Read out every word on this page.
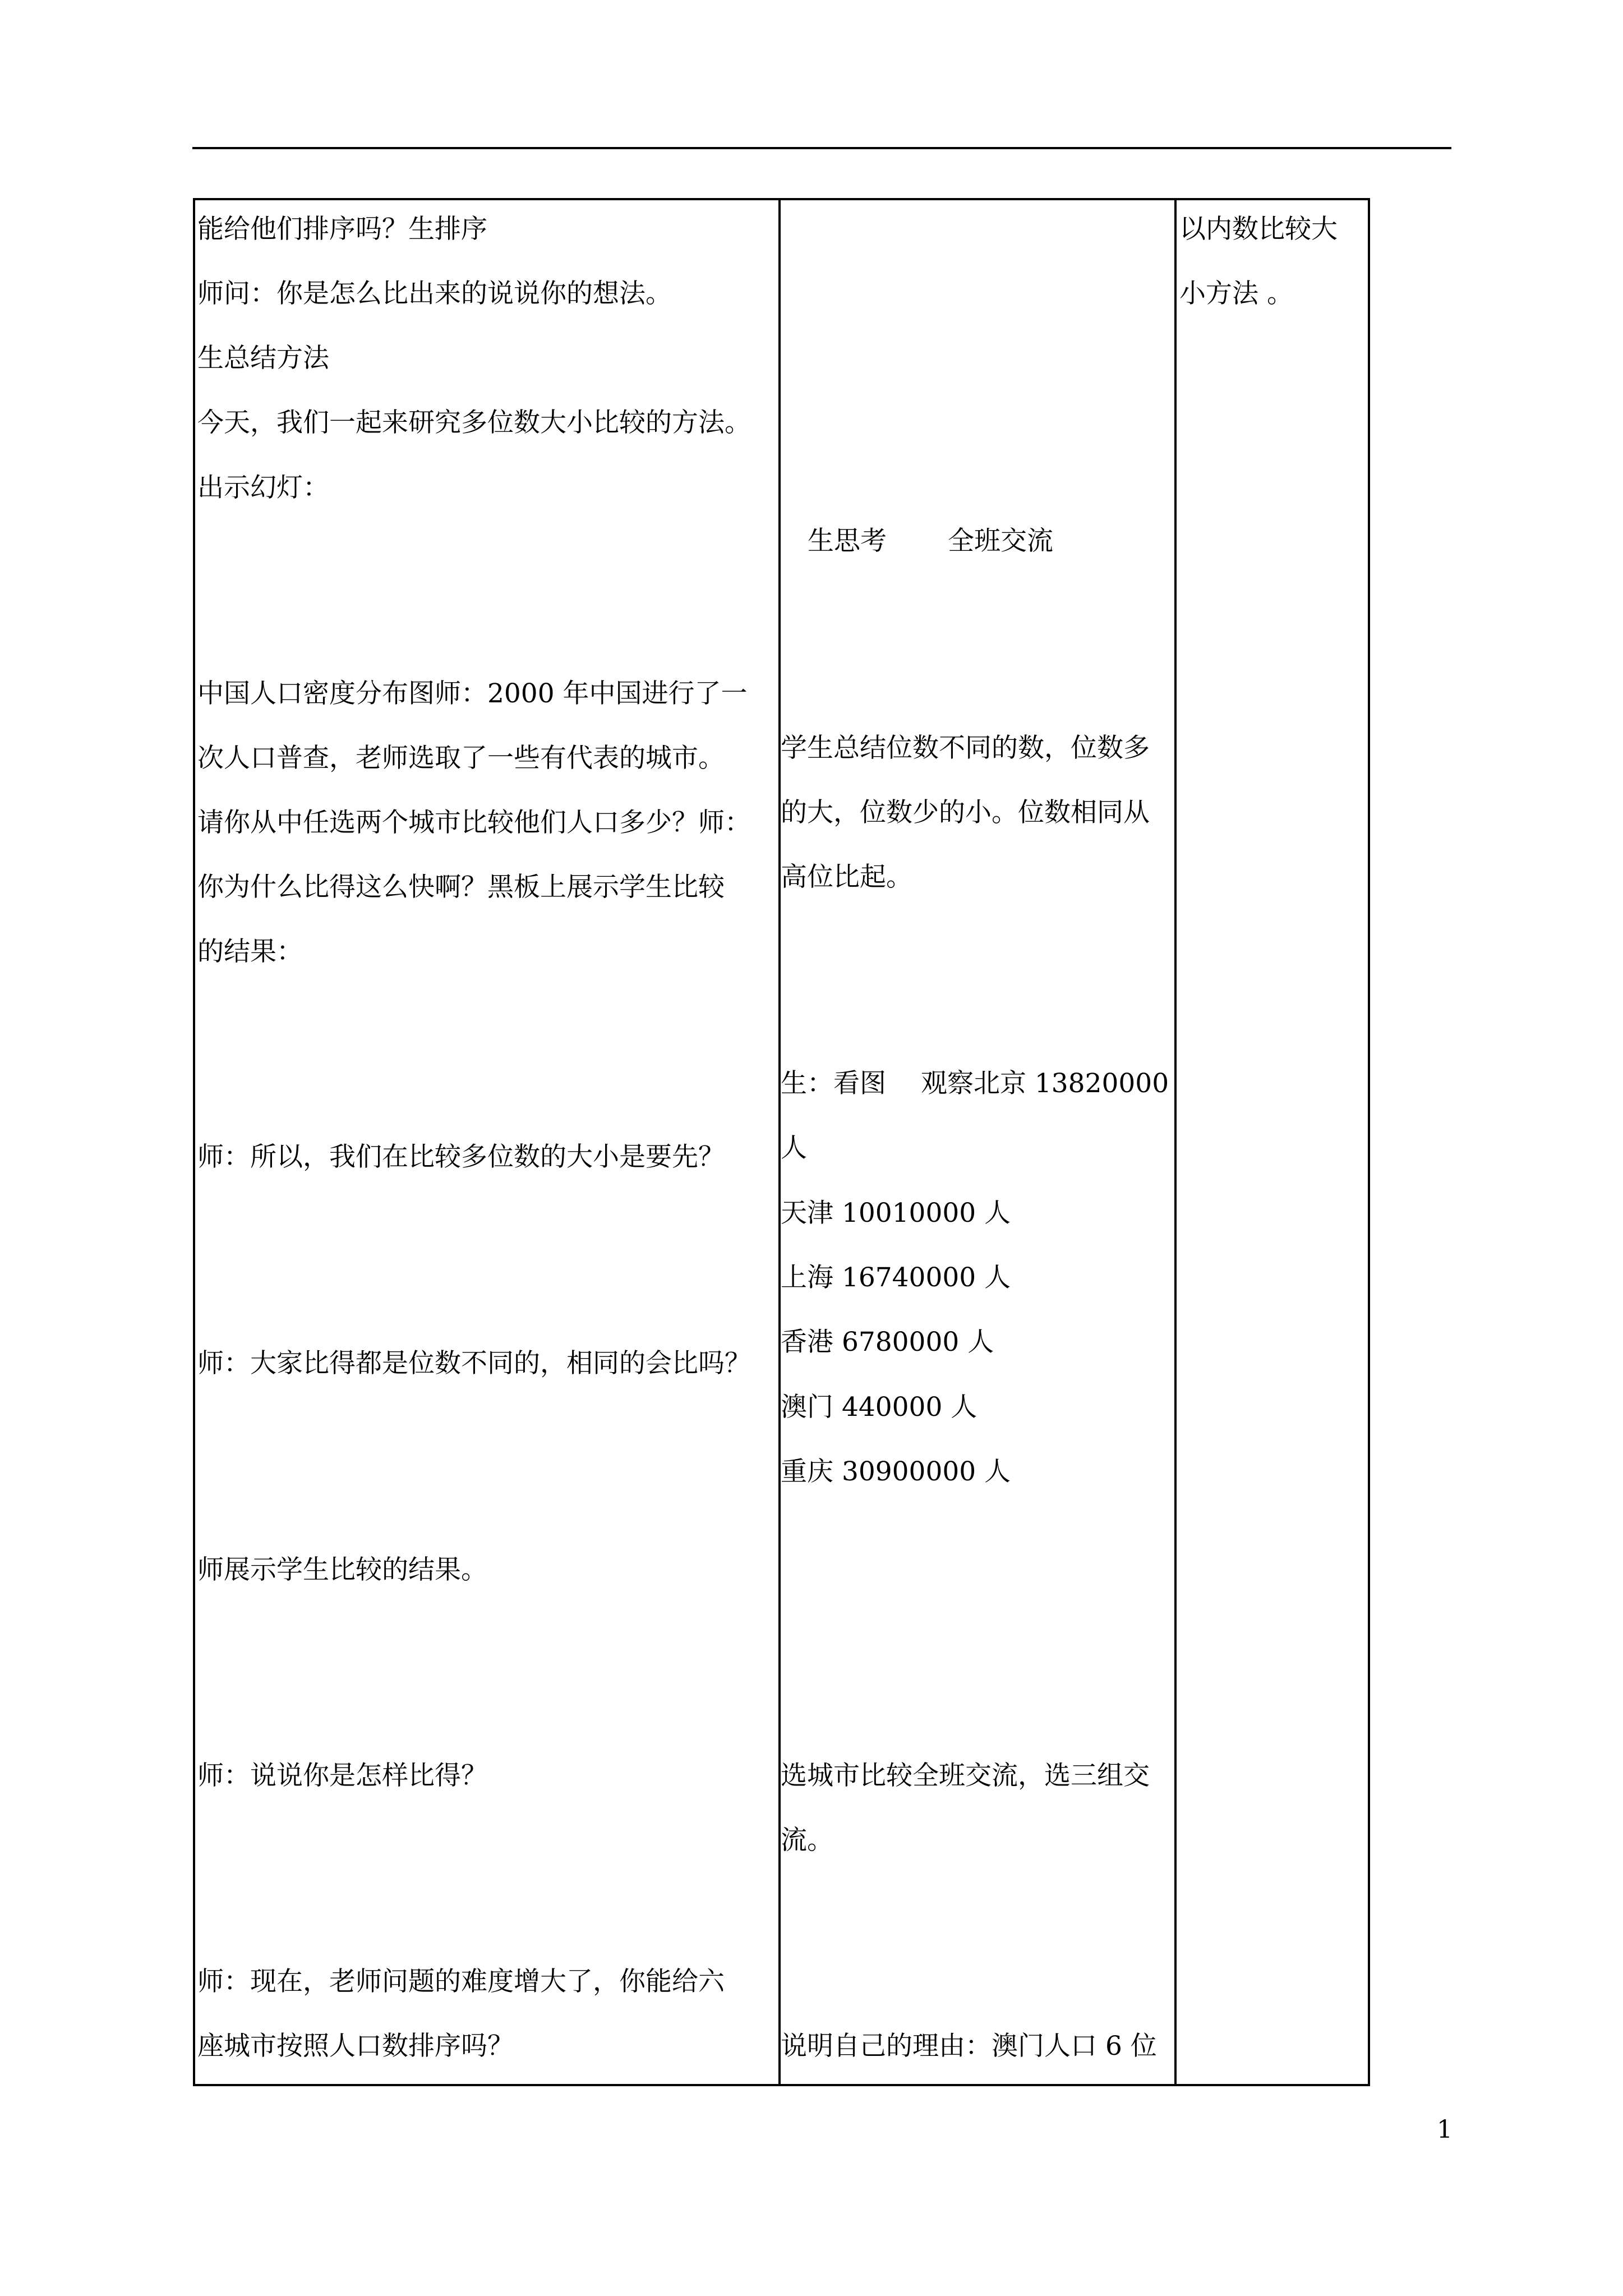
能给他们排序吗？生排序
师问：你是怎么比出来的说说你的想法。
生总结方法
今天，我们一起来研究多位数大小比较的方法。
出示幻灯：
中国人口密度分布图师：2000 年中国进行了一
次人口普查，老师选取了一些有代表的城市。
请你从中任选两个城市比较他们人口多少？师：
你为什么比得这么快啊？黑板上展示学生比较
的结果：
师：所以，我们在比较多位数的大小是要先？
师：大家比得都是位数不同的，相同的会比吗？
师展示学生比较的结果。
师：说说你是怎样比得？
师：现在，老师问题的难度增大了，你能给六
座城市按照人口数排序吗？
生思考　　 全班交流
学生总结位数不同的数，位数多
的大，位数少的小。位数相同从
高位比起。
生：看图　 观察北京 13820000
人
天津 10010000 人
上海 16740000 人
香港 6780000 人
澳门 440000 人
重庆 30900000 人
选城市比较全班交流，选三组交
流。
说明自己的理由：澳门人口 6 位
以内数比较大
小方法 。
1
